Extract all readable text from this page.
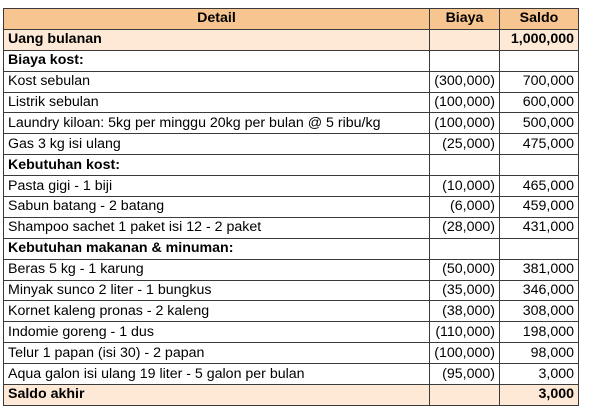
Detail	Biaya	Saldo
Uang bulanan		1,000,000
Biaya kost:		
Kost sebulan	(300,000)	700,000
Listrik sebulan	(100,000)	600,000
Laundry kiloan: 5kg per minggu 20kg per bulan @ 5 ribu/kg	(100,000)	500,000
Gas 3 kg isi ulang	(25,000)	475,000
Kebutuhan kost:		
Pasta gigi - 1 biji	(10,000)	465,000
Sabun batang - 2 batang	(6,000)	459,000
Shampoo sachet 1 paket isi 12 - 2 paket	(28,000)	431,000
Kebutuhan makanan & minuman:		
Beras 5 kg - 1 karung	(50,000)	381,000
Minyak sunco 2 liter - 1 bungkus	(35,000)	346,000
Kornet kaleng pronas - 2 kaleng	(38,000)	308,000
Indomie goreng - 1 dus	(110,000)	198,000
Telur 1 papan (isi 30) - 2 papan	(100,000)	98,000
Aqua galon isi ulang 19 liter - 5 galon per bulan	(95,000)	3,000
Saldo akhir		3,000
